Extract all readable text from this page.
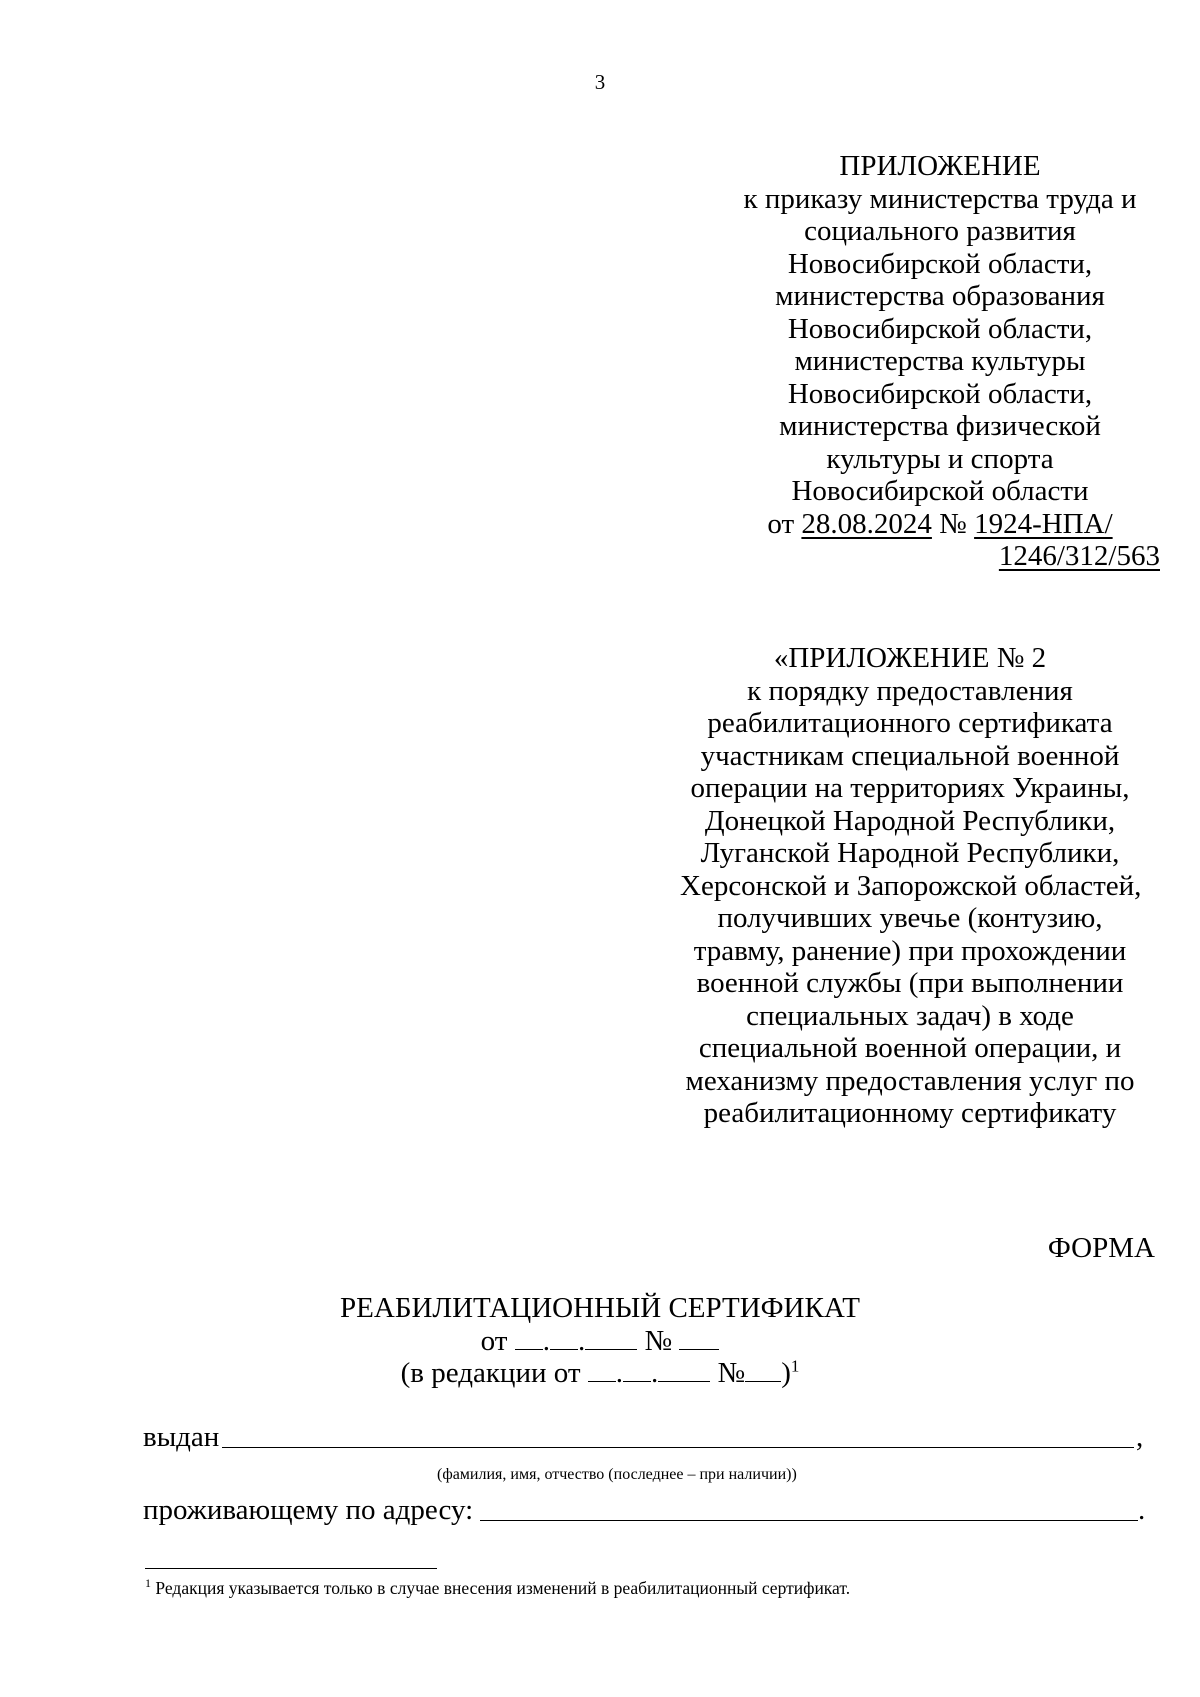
3
ПРИЛОЖЕНИЕ
к приказу министерства труда и
социального развития
Новосибирской области,
министерства образования
Новосибирской области,
министерства культуры
Новосибирской области,
министерства физической
культуры и спорта
Новосибирской области
от 28.08.2024 № 1924-НПА/
1246/312/563
«ПРИЛОЖЕНИЕ № 2
к порядку предоставления
реабилитационного сертификата
участникам специальной военной
операции на территориях Украины,
Донецкой Народной Республики,
Луганской Народной Республики,
Херсонской и Запорожской областей,
получивших увечье (контузию,
травму, ранение) при прохождении
военной службы (при выполнении
специальных задач) в ходе
специальной военной операции, и
механизму предоставления услуг по
реабилитационному сертификату
ФОРМА
РЕАБИЛИТАЦИОННЫЙ СЕРТИФИКАТ
от . . №
(в редакции от . . № )$^1$
выдан	,
(фамилия, имя, отчество (последнее – при наличии))
проживающему по адресу:	.
$^1$ Редакция указывается только в случае внесения изменений в реабилитационный сертификат.
